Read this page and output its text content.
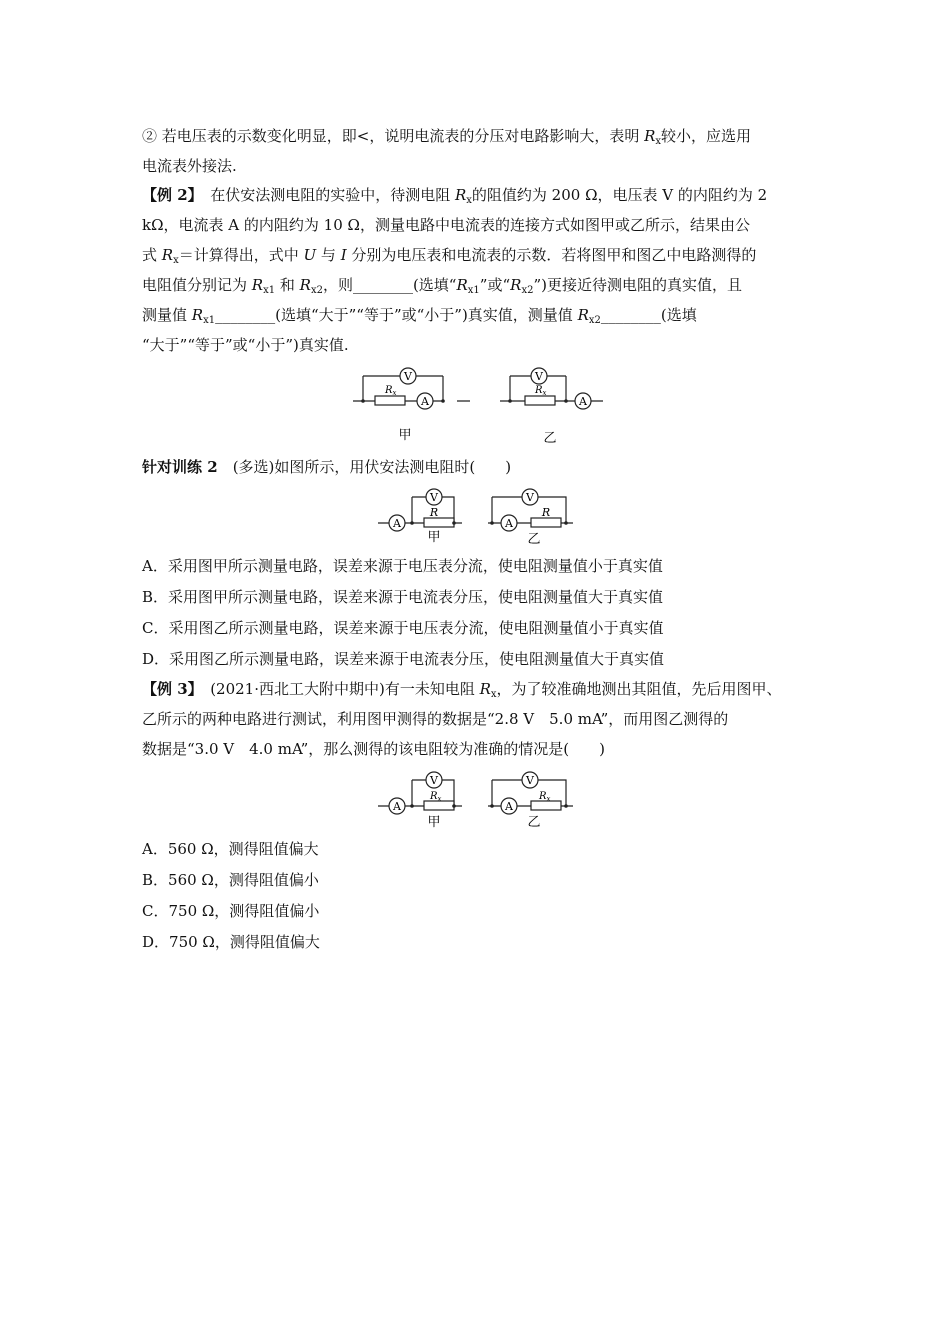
② 若电压表的示数变化明显，即<，说明电流表的分压对电路影响大，表明 $R_x$较小，应选用
电流表外接法.
【例 2】　 在伏安法测电阻的实验中，待测电阻 $R_x$的阻值约为 200 Ω，电压表 V 的内阻约为 2
kΩ，电流表 A 的内阻约为 10 Ω，测量电路中电流表的连接方式如图甲或乙所示，结果由公
式 $R_x=$计算得出，式中 U 与 I 分别为电压表和电流表的示数．若将图甲和图乙中电路测得的
电阻值分别记为 $R_{x1}$ 和 $R_{x2}$，则________(选填“$R_{x1}$”或“$R_{x2}$”)更接近待测电阻的真实值，且
测量值 $R_{x1}\_\_\_\_\_\_\_\_$(选填“大于”“等于”或“小于”)真实值，测量值 $R_{x2}\_\_\_\_\_\_\_\_$(选填
“大于”“等于”或“小于”)真实值.
V
A
$R_x$
V
A
$R_x$
甲	乙
针对训练 2　 (多选)如图所示，用伏安法测电阻时(　　)
A
V
R
A
V
R
甲	乙
A．采用图甲所示测量电路，误差来源于电压表分流，使电阻测量值小于真实值
B．采用图甲所示测量电路，误差来源于电流表分压，使电阻测量值大于真实值
C．采用图乙所示测量电路，误差来源于电压表分流，使电阻测量值小于真实值
D．采用图乙所示测量电路，误差来源于电流表分压，使电阻测量值大于真实值
【例 3】　 (2021·西北工大附中期中)有一未知电阻 $R_x$，为了较准确地测出其阻值，先后用图甲、
乙所示的两种电路进行测试，利用图甲测得的数据是“2.8 V　5.0 mA”，而用图乙测得的
数据是“3.0 V　4.0 mA”，那么测得的该电阻较为准确的情况是(　　)
A
V
$R_x$
A
V
$R_x$
甲	乙
A．560 Ω，测得阻值偏大
B．560 Ω，测得阻值偏小
C．750 Ω，测得阻值偏小
D．750 Ω，测得阻值偏大
